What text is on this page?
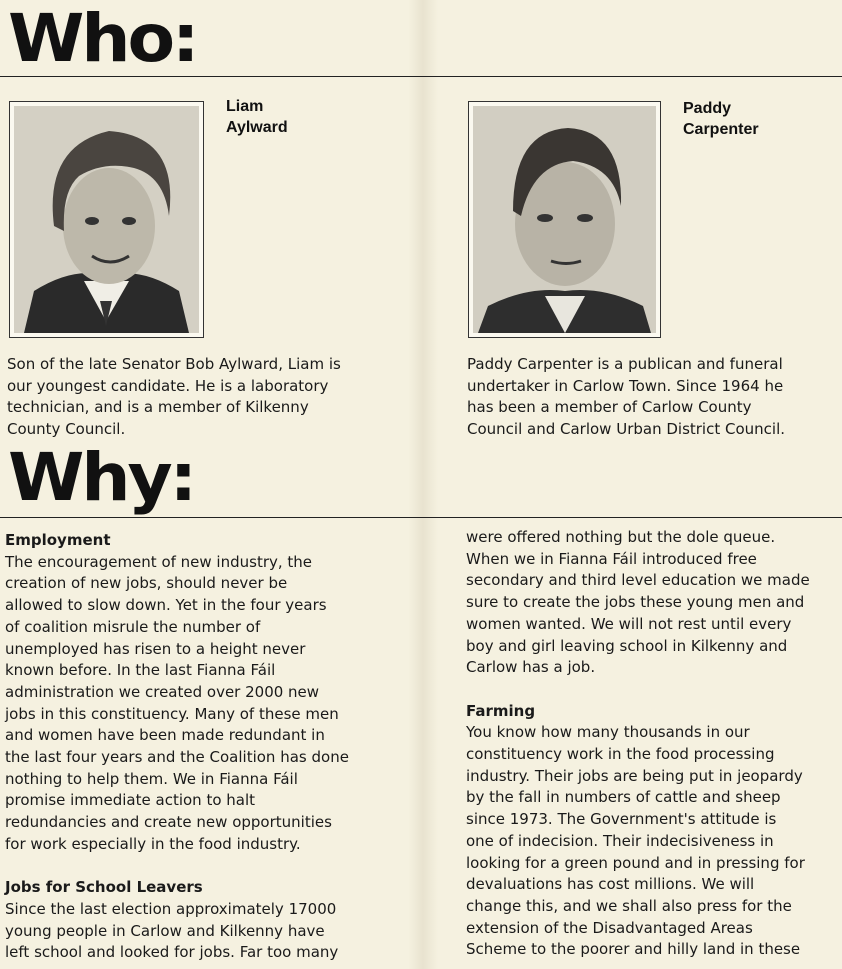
Who:
Liam
Aylward
Son of the late Senator Bob Aylward, Liam is
our youngest candidate. He is a laboratory
technician, and is a member of Kilkenny
County Council.
Paddy
Carpenter
Paddy Carpenter is a publican and funeral
undertaker in Carlow Town. Since 1964 he
has been a member of Carlow County
Council and Carlow Urban District Council.
Why:
Employment

The encouragement of new industry, the

creation of new jobs, should never be

allowed to slow down. Yet in the four years

of coalition misrule the number of

unemployed has risen to a height never

known before. In the last Fianna Fáil

administration we created over 2000 new

jobs in this constituency. Many of these men

and women have been made redundant in

the last four years and the Coalition has done

nothing to help them. We in Fianna Fáil

promise immediate action to halt

redundancies and create new opportunities

for work especially in the food industry.

Jobs for School Leavers

Since the last election approximately 17000

young people in Carlow and Kilkenny have

left school and looked for jobs. Far too many

were offered nothing but the dole queue.

When we in Fianna Fáil introduced free

secondary and third level education we made

sure to create the jobs these young men and

women wanted. We will not rest until every

boy and girl leaving school in Kilkenny and

Carlow has a job.

Farming

You know how many thousands in our

constituency work in the food processing

industry. Their jobs are being put in jeopardy

by the fall in numbers of cattle and sheep

since 1973. The Government's attitude is

one of indecision. Their indecisiveness in

looking for a green pound and in pressing for

devaluations has cost millions. We will

change this, and we shall also press for the

extension of the Disadvantaged Areas

Scheme to the poorer and hilly land in these
